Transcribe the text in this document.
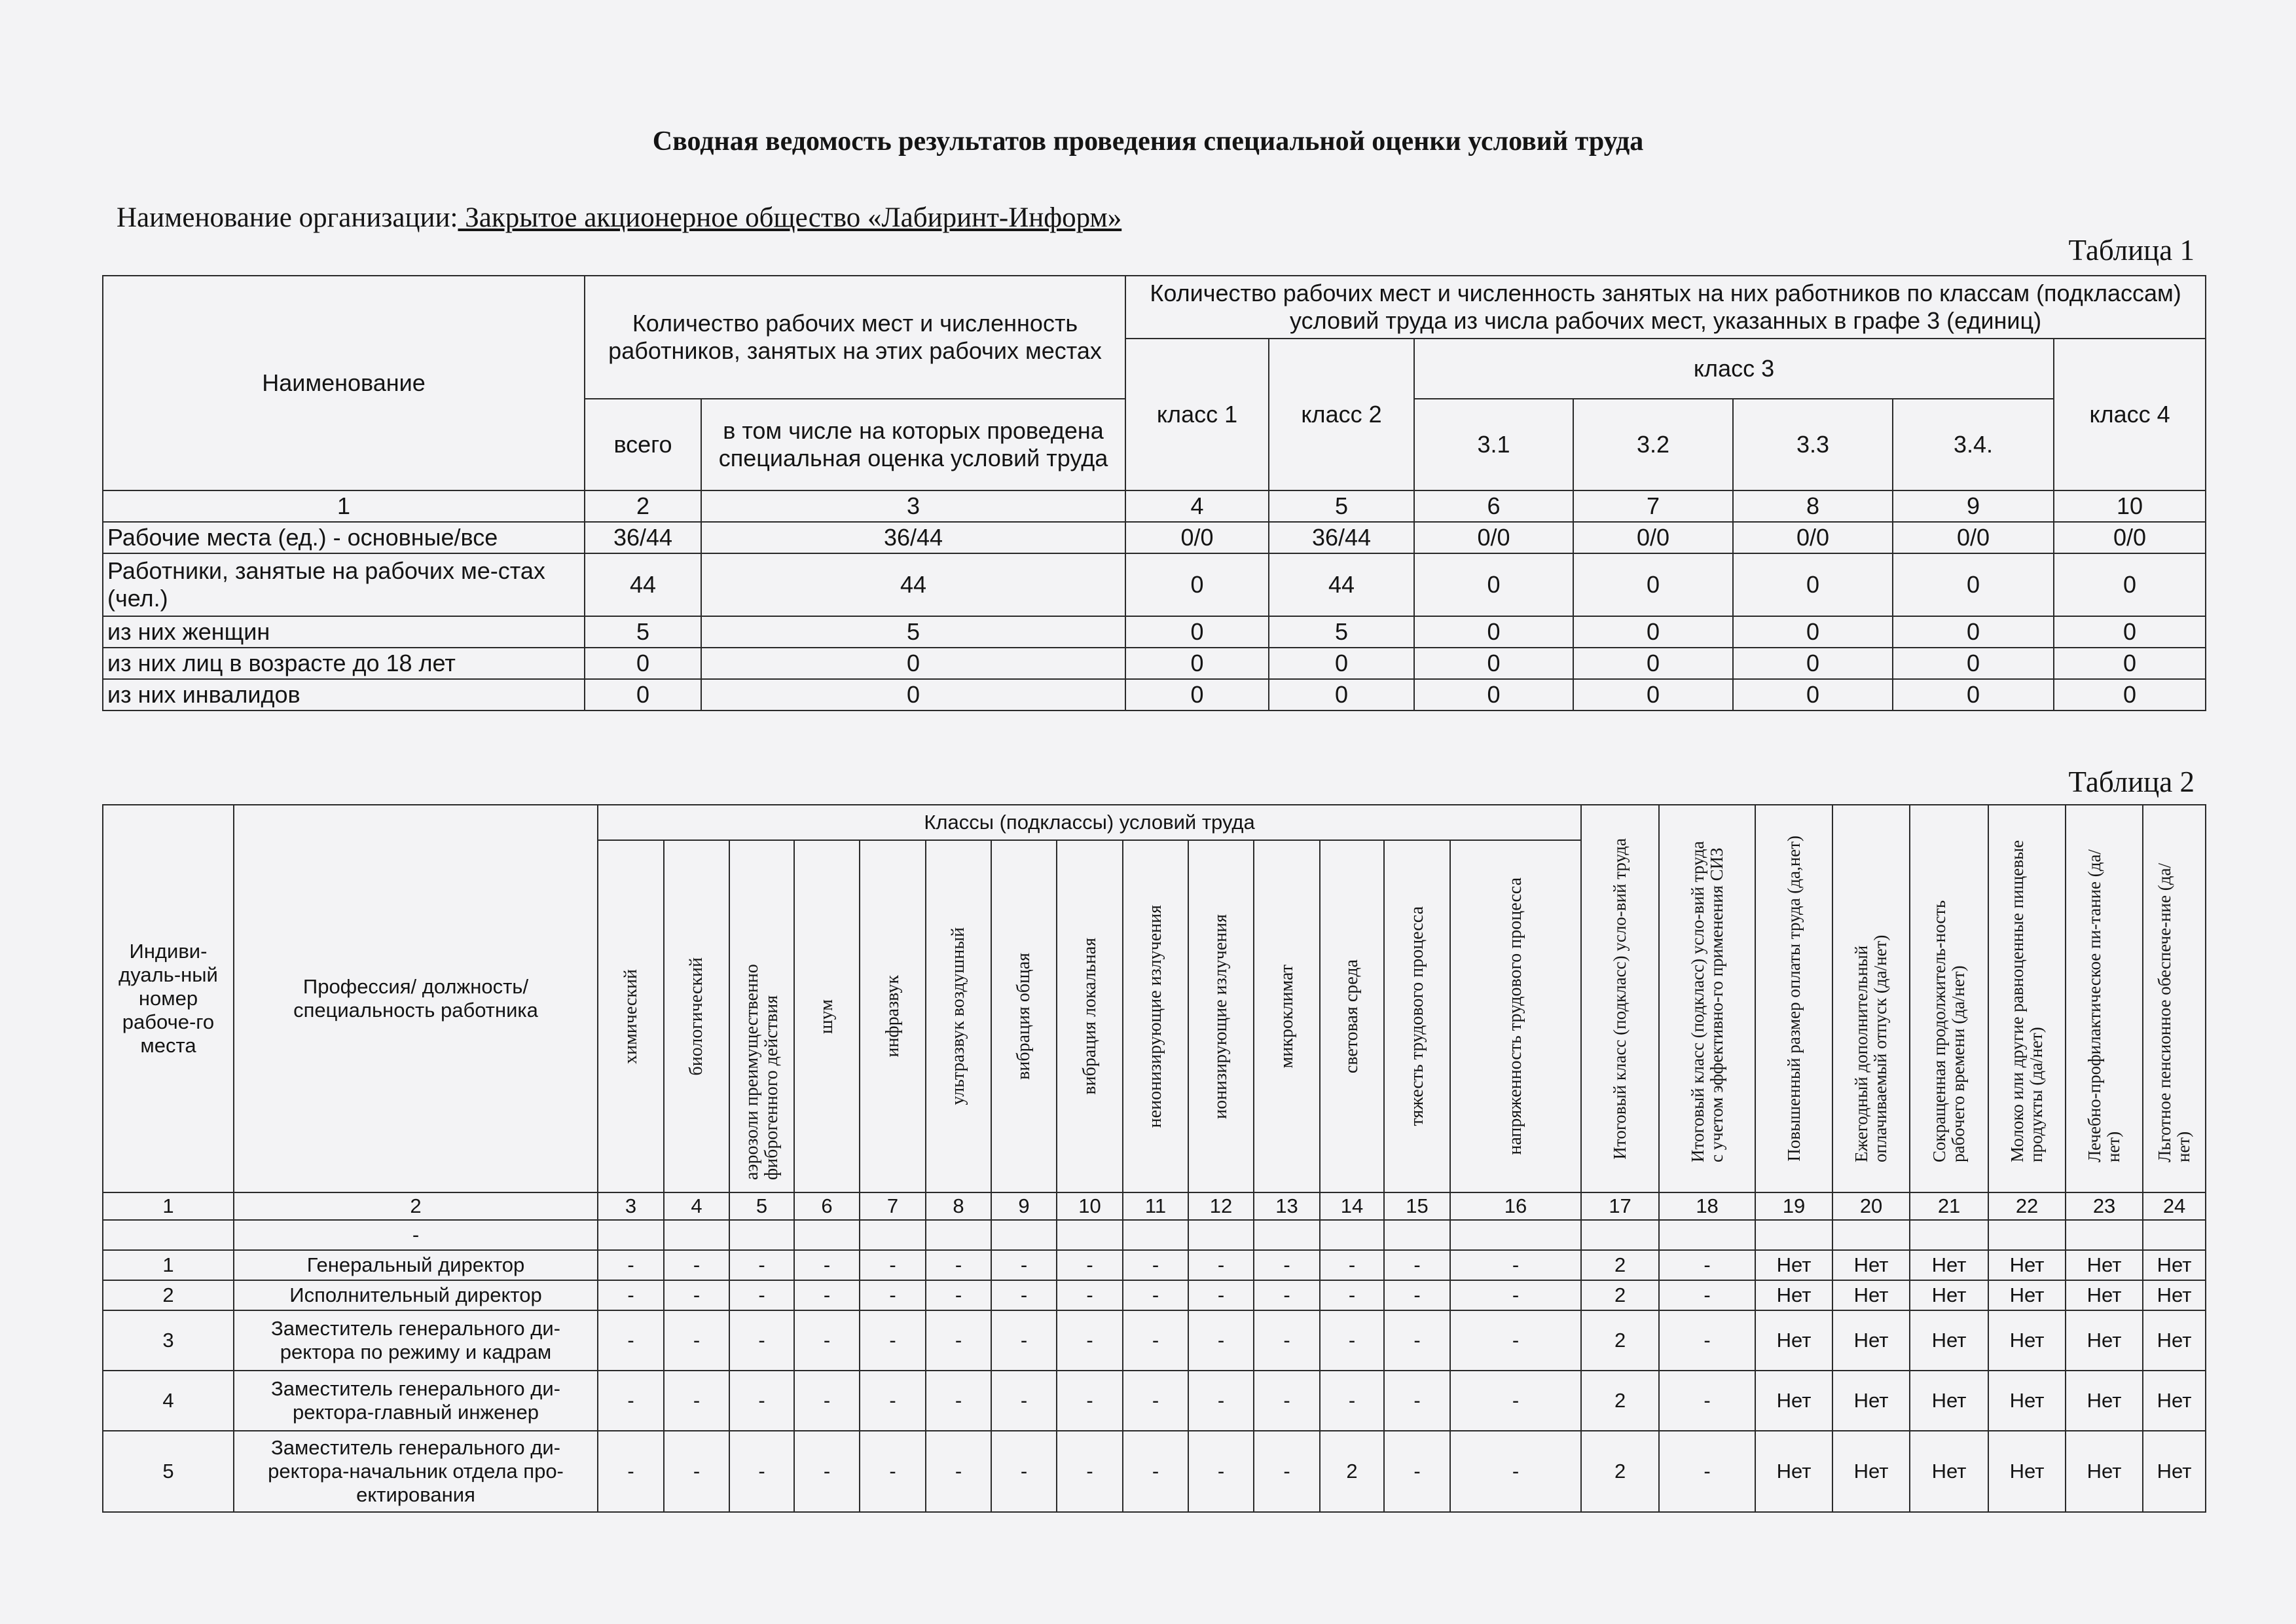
Сводная ведомость результатов проведения специальной оценки условий труда
Наименование организации: Закрытое акционерное общество «Лабиринт-Информ»
Таблица 1
Наименование	Количество рабочих мест и численность работников, занятых на этих рабочих местах		Количество рабочих мест и численность занятых на них работников по классам (подклассам) условий труда из числа рабочих мест, указанных в графе 3 (единиц)						
			класс 1	класс 2	класс 3				класс 4
	всего	в том числе на которых проведена специальная оценка условий труда			3.1	3.2	3.3	3.4.	
1	2	3	4	5	6	7	8	9	10
Рабочие места (ед.) - основные/все	36/44	36/44	0/0	36/44	0/0	0/0	0/0	0/0	0/0
Работники, занятые на рабочих ме-стах (чел.)	44	44	0	44	0	0	0	0	0
из них женщин	5	5	0	5	0	0	0	0	0
из них лиц в возрасте до 18 лет	0	0	0	0	0	0	0	0	0
из них инвалидов	0	0	0	0	0	0	0	0	0
Таблица 2
Индиви-дуаль-ный номер рабоче-го места	Профессия/ должность/ специальность работника	Классы (подклассы) условий труда														Итоговый класс (подкласс) усло-вий труда	Итоговый класс (подкласс) усло-вий труда с учетом эффективно-го применения СИЗ	Повышенный размер оплаты труда (да,нет)	Ежегодный дополнительный оплачиваемый отпуск (да/нет)	Сокращенная продолжитель-ность рабочего времени (да/нет)	Молоко или другие равноценные пищевые продукты (да/нет)	Лечебно-профилактическое пи-тание (да/нет)	Льготное пенсионное обеспече-ние (да/нет)

		химический	биологический	аэрозоли преимущественно фиброгенного действия	шум	инфразвук	ультразвук воздушный	вибрация общая	вибрация локальная	неионизирующие излучения	ионизирующие излучения	микроклимат	световая среда	тяжесть трудового процесса	напряженность трудового процесса								

1	2	3	4	5	6	7	8	9	10	11	12	13	14	15	16	17	18	19	20	21	22	23	24
	-																						
1	Генеральный директор	-	-	-	-	-	-	-	-	-	-	-	-	-	-	2	-	Нет	Нет	Нет	Нет	Нет	Нет
2	Исполнительный директор	-	-	-	-	-	-	-	-	-	-	-	-	-	-	2	-	Нет	Нет	Нет	Нет	Нет	Нет
3	Заместитель генерального ди-ректора по режиму и кадрам	-	-	-	-	-	-	-	-	-	-	-	-	-	-	2	-	Нет	Нет	Нет	Нет	Нет	Нет
4	Заместитель генерального ди-ректора-главный инженер	-	-	-	-	-	-	-	-	-	-	-	-	-	-	2	-	Нет	Нет	Нет	Нет	Нет	Нет
5	Заместитель генерального ди-ректора-начальник отдела про-ектирования	-	-	-	-	-	-	-	-	-	-	-	2	-	-	2	-	Нет	Нет	Нет	Нет	Нет	Нет
